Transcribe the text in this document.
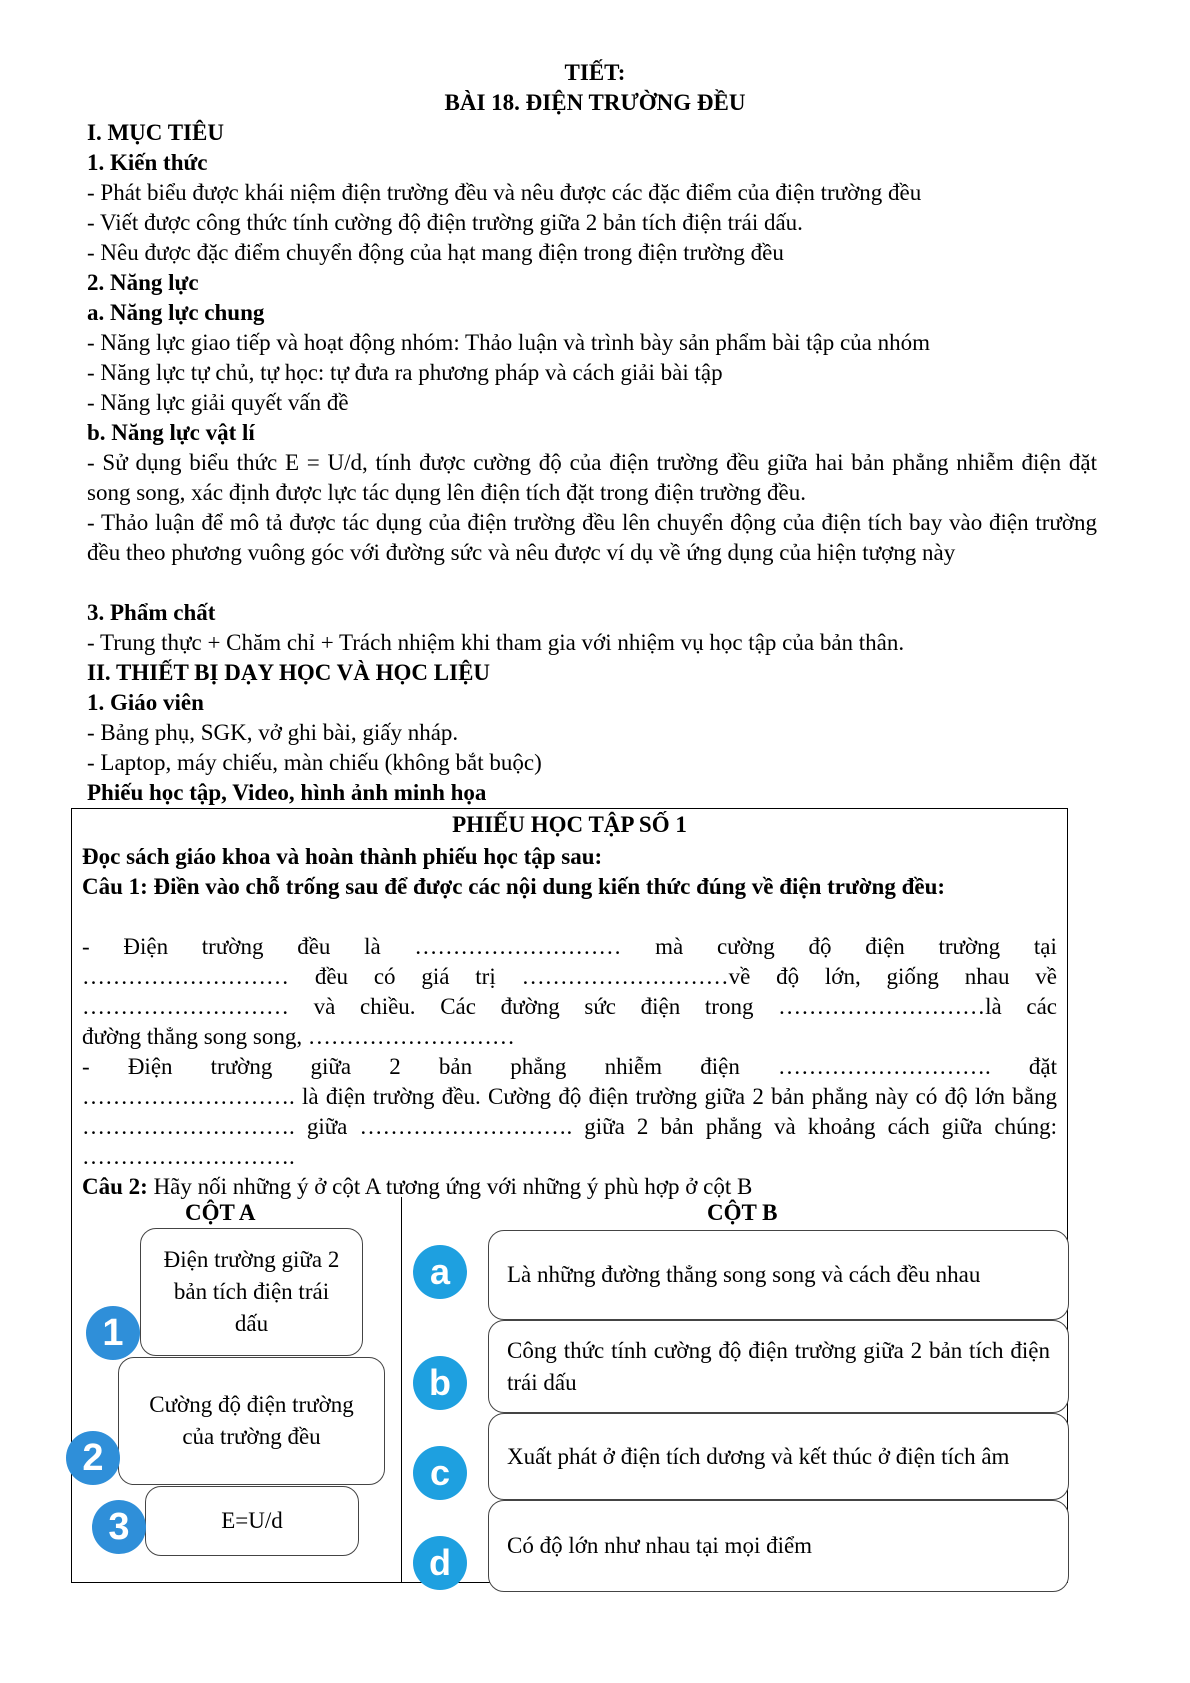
TIẾT:
BÀI 18. ĐIỆN TRƯỜNG ĐỀU
I. MỤC TIÊU
1. Kiến thức
- Phát biểu được khái niệm điện trường đều và nêu được các đặc điểm của điện trường đều
- Viết được công thức tính cường độ điện trường giữa 2 bản tích điện trái dấu.
- Nêu được đặc điểm chuyển động của hạt mang điện trong điện trường đều
2. Năng lực
a. Năng lực chung
- Năng lực giao tiếp và hoạt động nhóm: Thảo luận và trình bày sản phẩm bài tập của nhóm
- Năng lực tự chủ, tự học: tự đưa ra phương pháp và cách giải bài tập
- Năng lực giải quyết vấn đề
b. Năng lực vật lí
- Sử dụng biểu thức E = U/d, tính được cường độ của điện trường đều giữa hai bản phẳng nhiễm điện đặt song song, xác định được lực tác dụng lên điện tích đặt trong điện trường đều.
- Thảo luận để mô tả được tác dụng của điện trường đều lên chuyển động của điện tích bay vào điện trường đều theo phương vuông góc với đường sức và nêu được ví dụ về ứng dụng của hiện tượng này
3. Phẩm chất
- Trung thực + Chăm chỉ + Trách nhiệm khi tham gia với nhiệm vụ học tập của bản thân.
II. THIẾT BỊ DẠY HỌC VÀ HỌC LIỆU
1. Giáo viên
- Bảng phụ, SGK, vở ghi bài, giấy nháp.
- Laptop, máy chiếu, màn chiếu (không bắt buộc)
Phiếu học tập, Video, hình ảnh minh họa
PHIẾU HỌC TẬP SỐ 1
Đọc sách giáo khoa và hoàn thành phiếu học tập sau:
Câu 1: Điền vào chỗ trống sau để được các nội dung kiến thức đúng về điện trường đều:
- Điện trường đều là ……………………… mà cường độ điện trường tại
……………………… đều có giá trị ………………………về độ lớn, giống nhau về
……………………… và chiều. Các đường sức điện trong ………………………là các
đường thẳng song song, ………………………
- Điện trường giữa 2 bản phẳng nhiễm điện ………………………. đặt
………………………. là điện trường đều. Cường độ điện trường giữa 2 bản phẳng này có độ lớn bằng ………………………. giữa ………………………. giữa 2 bản phẳng và khoảng cách giữa chúng: ……………………….
Câu 2: Hãy nối những ý ở cột A tương ứng với những ý phù hợp ở cột B
CỘT A	CỘT B
Điện trường giữa 2 bản tích điện trái dấu
1
Cường độ điện trường của trường đều
2
E=U/d
3
a	Là những đường thẳng song song và cách đều nhau
b
Công thức tính cường độ điện trường giữa 2 bản tích điện trái dấu
c	Xuất phát ở điện tích dương và kết thúc ở điện tích âm
d	Có độ lớn như nhau tại mọi điểm
